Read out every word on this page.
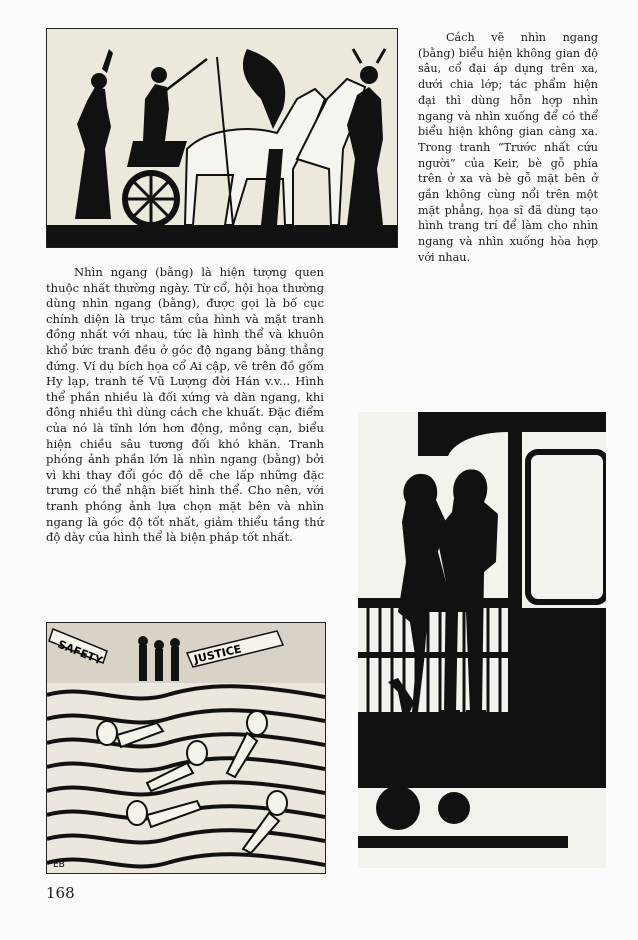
Cách vẽ nhìn ngang (bằng) biểu hiện không gian độ sâu, cổ đại áp dụng trên xa, dưới chia lớp; tác phẩm hiện đại thì dùng hỗn hợp nhìn ngang và nhìn xuống để có thể biểu hiện không gian càng xa. Trong tranh “Trước nhất cứu người” của Keir, bè gỗ phía trên ở xa và bè gỗ mặt bên ở gần không cùng nổi trên một mặt phẳng, họa sĩ đã dùng tạo hình trang trí để làm cho nhìn ngang và nhìn xuống hòa hợp với nhau.

Nhìn ngang (bằng) là hiện tượng quen thuộc nhất thường ngày. Từ cổ, hội họa thường dùng nhìn ngang (bằng), được gọi là bố cục chính diện là trục tâm của hình và mặt tranh đồng nhất với nhau, tức là hình thể và khuôn khổ bức tranh đều ở góc độ ngang bằng thẳng đứng. Ví dụ bích họa cổ Ai cập, vẽ trên đồ gốm Hy lạp, tranh tế Vũ Lượng đời Hán v.v... Hình thể phần nhiều là đối xứng và dàn ngang, khi đông nhiều thì dùng cách che khuất. Đặc điểm của nó là tĩnh lớn hơn động, mỏng cạn, biểu hiện chiều sâu tương đối khó khăn. Tranh phóng ảnh phần lớn là nhìn ngang (bằng) bởi vì khi thay đổi góc độ dễ che lấp những đặc trưng có thể nhận biết hình thể. Cho nên, với tranh phóng ảnh lựa chọn mặt bên và nhìn ngang là góc độ tốt nhất, giảm thiểu tầng thứ độ dày của hình thể là biện pháp tốt nhất.

SAFETY	JUSTICE
EB
168
